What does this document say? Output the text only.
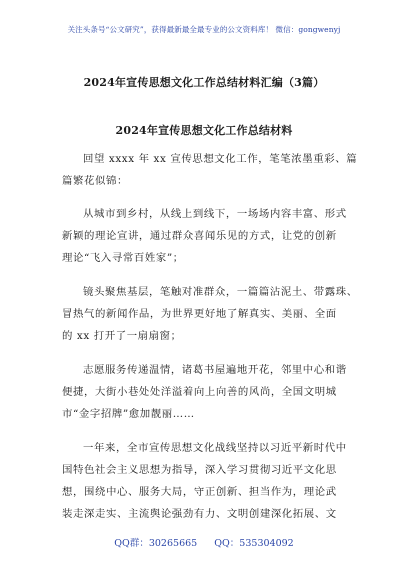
关注头条号“公文研究”，获得最新最全最专业的公文资料库！ 微信：gongwenyj
2024年宣传思想文化工作总结材料汇编（3篇）
2024年宣传思想文化工作总结材料
回望 xxxx 年 xx 宣传思想文化工作，笔笔浓墨重彩、篇
篇繁花似锦：
从城市到乡村，从线上到线下，一场场内容丰富、形式
新颖的理论宣讲，通过群众喜闻乐见的方式，让党的创新
理论“飞入寻常百姓家”；
镜头聚焦基层，笔触对准群众，一篇篇沾泥土、带露珠、
冒热气的新闻作品，为世界更好地了解真实、美丽、全面
的 xx 打开了一扇扇窗；
志愿服务传递温情，诸葛书屋遍地开花，邻里中心和谐
便捷，大街小巷处处洋溢着向上向善的风尚，全国文明城
市“金字招牌”愈加靓丽……
一年来，全市宣传思想文化战线坚持以习近平新时代中
国特色社会主义思想为指导，深入学习贯彻习近平文化思
想，围绕中心、服务大局，守正创新、担当作为，理论武
装走深走实、主流舆论强劲有力、文明创建深化拓展、文
QQ群：30265665 QQ：535304092
